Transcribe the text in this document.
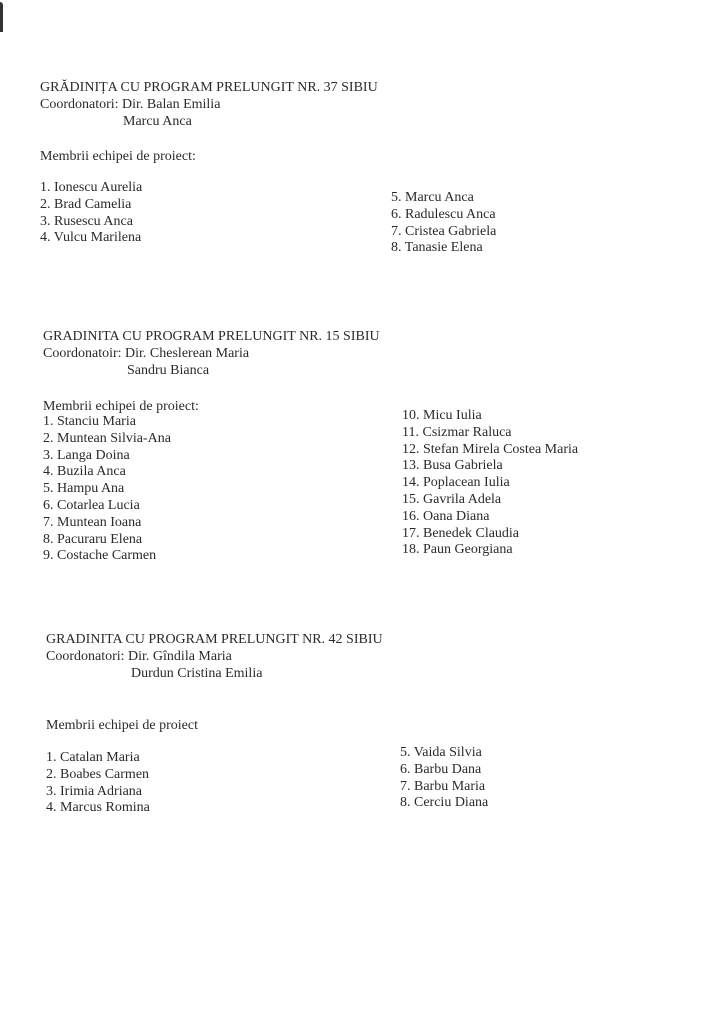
GRĂDINIȚA CU PROGRAM PRELUNGIT NR. 37 SIBIU
Coordonatori: Dir. Balan Emilia
Marcu Anca
Membrii echipei de proiect:
1. Ionescu Aurelia
2. Brad Camelia
3. Rusescu Anca
4. Vulcu Marilena
5. Marcu Anca
6. Radulescu Anca
7. Cristea Gabriela
8. Tanasie Elena
GRADINITA CU PROGRAM PRELUNGIT NR. 15 SIBIU
Coordonatoir: Dir. Cheslerean Maria
Sandru Bianca
Membrii echipei de proiect:
1. Stanciu Maria
2. Muntean Silvia-Ana
3. Langa Doina
4. Buzila Anca
5. Hampu Ana
6. Cotarlea Lucia
7. Muntean Ioana
8. Pacuraru Elena
9. Costache Carmen
10. Micu Iulia
11. Csizmar Raluca
12. Stefan Mirela Costea Maria
13. Busa Gabriela
14. Poplacean Iulia
15. Gavrila Adela
16. Oana Diana
17. Benedek Claudia
18. Paun Georgiana
GRADINITA CU PROGRAM PRELUNGIT NR. 42 SIBIU
Coordonatori: Dir. Gîndila Maria
Durdun Cristina Emilia
Membrii echipei de proiect
1. Catalan Maria
2. Boabes Carmen
3. Irimia Adriana
4. Marcus Romina
5. Vaida Silvia
6. Barbu Dana
7. Barbu Maria
8. Cerciu Diana
